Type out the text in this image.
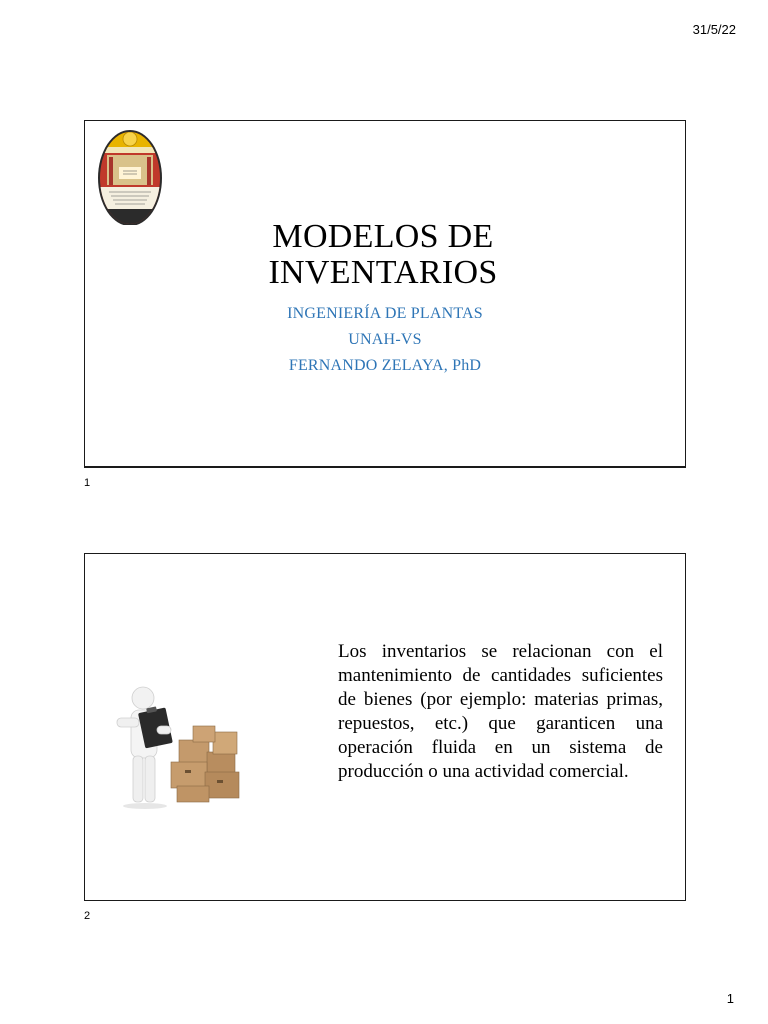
31/5/22
MODELOS DE
INVENTARIOS
INGENIERÍA DE PLANTAS
UNAH-VS
FERNANDO ZELAYA, PhD
1
Los inventarios se relacionan con el mantenimiento de cantidades suficientes de bienes (por ejemplo: materias primas, repuestos, etc.) que garanticen una operación fluida en un sistema de producción o una actividad comercial.
2
1
